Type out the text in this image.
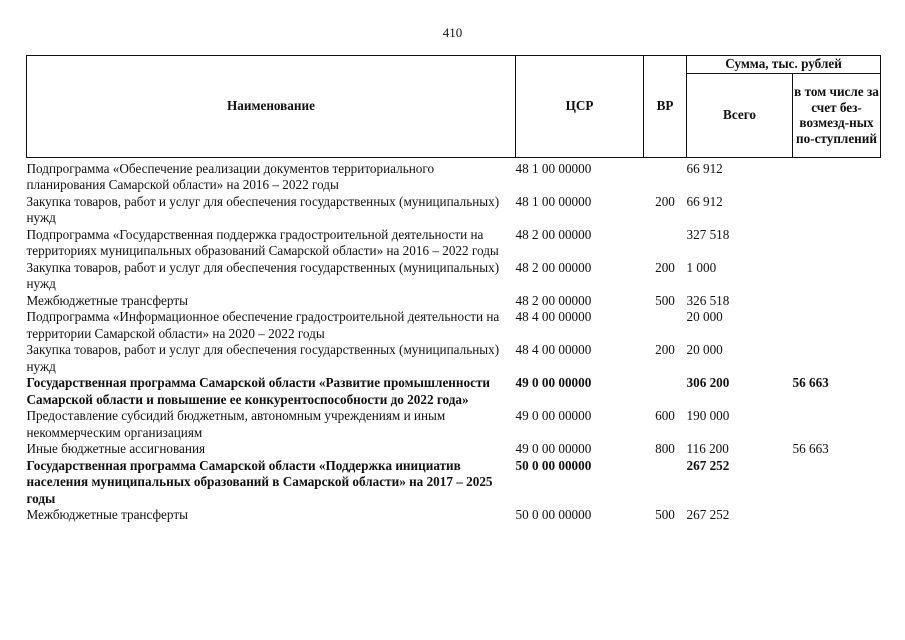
410
Наименование	ЦСР	ВР	Сумма, тыс. рублей	
			Всего	в том числе за счет без-возмезд-ных по-ступлений

Подпрограмма «Обеспечение реализации документов территориального планирования Самарской области» на 2016 – 2022 годы	48 1 00 00000		66 912	
Закупка товаров, работ и услуг для обеспечения государственных (муниципальных) нужд	48 1 00 00000	200	66 912	
Подпрограмма «Государственная поддержка градостроительной деятельности на территориях муниципальных образований Самарской области» на 2016 – 2022 годы	48 2 00 00000		327 518	
Закупка товаров, работ и услуг для обеспечения государственных (муниципальных) нужд	48 2 00 00000	200	1 000	
Межбюджетные трансферты	48 2 00 00000	500	326 518	
Подпрограмма «Информационное обеспечение градостроительной деятельности на территории Самарской области» на 2020 – 2022 годы	48 4 00 00000		20 000	
Закупка товаров, работ и услуг для обеспечения государственных (муниципальных) нужд	48 4 00 00000	200	20 000	
Государственная программа Самарской области «Развитие промышленности Самарской области и повышение ее конкурентоспособности до 2022 года»	49 0 00 00000		306 200	56 663
Предоставление субсидий бюджетным, автономным учреждениям и иным некоммерческим организациям	49 0 00 00000	600	190 000	
Иные бюджетные ассигнования	49 0 00 00000	800	116 200	56 663
Государственная программа Самарской области «Поддержка инициатив населения муниципальных образований в Самарской области» на 2017 – 2025 годы	50 0 00 00000		267 252	
Межбюджетные трансферты	50 0 00 00000	500	267 252	
